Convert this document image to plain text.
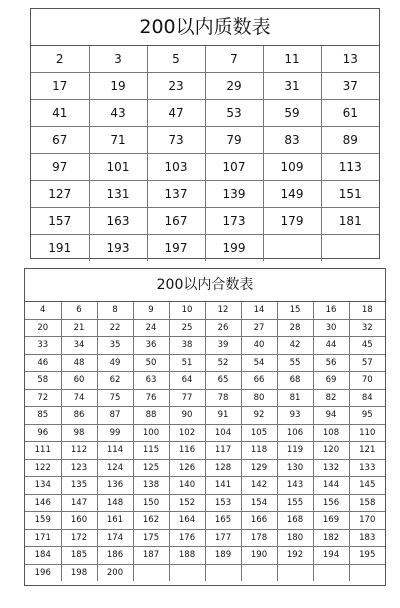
200以内质数表
2	3	5	7	11	13
17	19	23	29	31	37
41	43	47	53	59	61
67	71	73	79	83	89
97	101	103	107	109	113
127	131	137	139	149	151
157	163	167	173	179	181
191	193	197	199		
200以内合数表
4	6	8	9	10	12	14	15	16	18
20	21	22	24	25	26	27	28	30	32
33	34	35	36	38	39	40	42	44	45
46	48	49	50	51	52	54	55	56	57
58	60	62	63	64	65	66	68	69	70
72	74	75	76	77	78	80	81	82	84
85	86	87	88	90	91	92	93	94	95
96	98	99	100	102	104	105	106	108	110
111	112	114	115	116	117	118	119	120	121
122	123	124	125	126	128	129	130	132	133
134	135	136	138	140	141	142	143	144	145
146	147	148	150	152	153	154	155	156	158
159	160	161	162	164	165	166	168	169	170
171	172	174	175	176	177	178	180	182	183
184	185	186	187	188	189	190	192	194	195
196	198	200							
